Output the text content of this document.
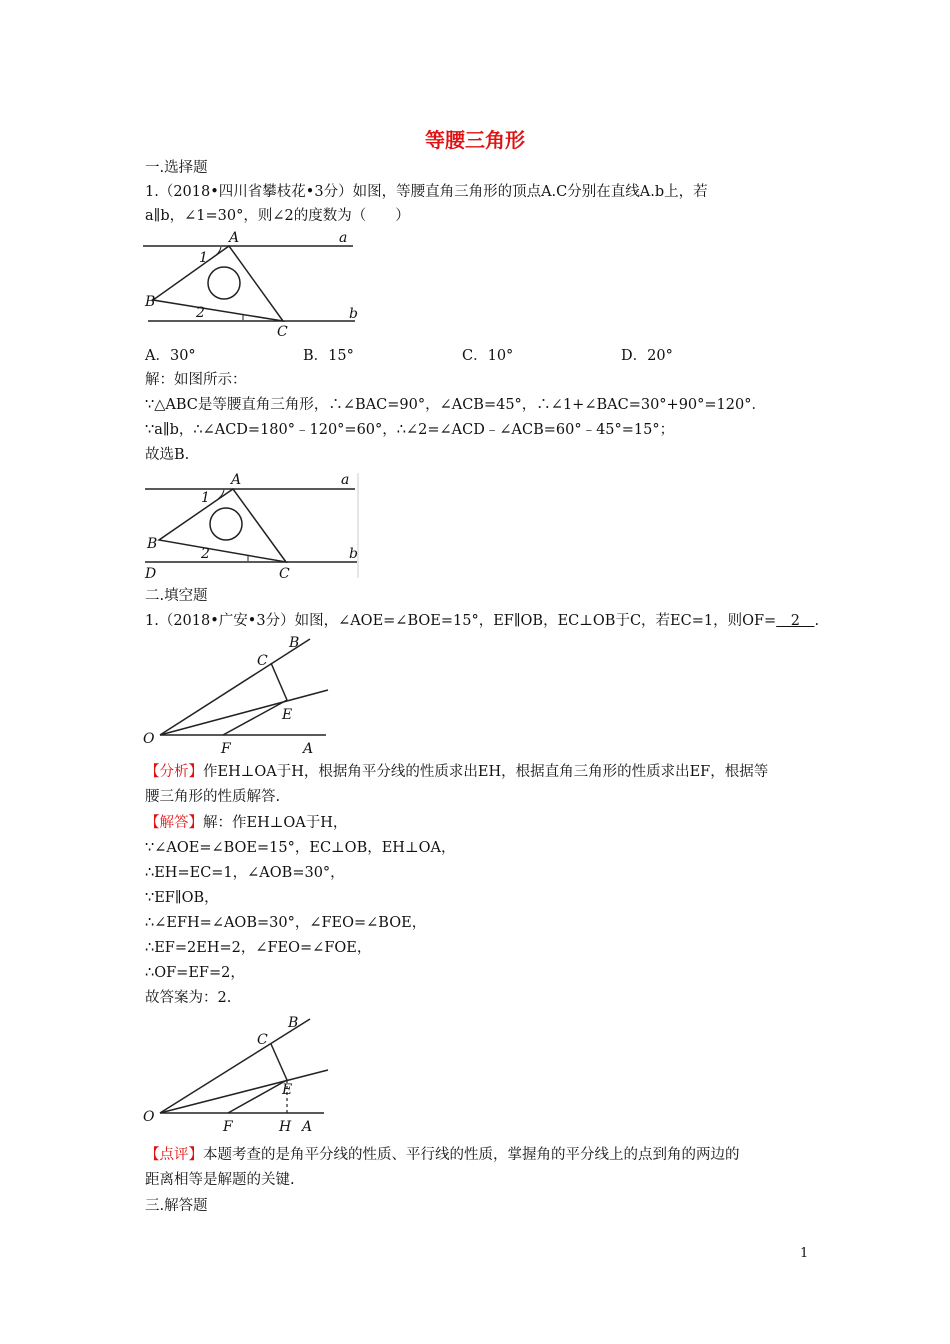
等腰三角形
一.选择题
1.（2018•四川省攀枝花•3分）如图，等腰直角三角形的顶点A.C分别在直线A.b上，若
a∥b，∠1=30°，则∠2的度数为（　　）
A	a
1
B
2
C
b
A．30°	B．15°	C．10°	D．20°
解：如图所示：
∵△ABC是等腰直角三角形，∴∠BAC=90°，∠ACB=45°，∴∠1+∠BAC=30°+90°=120°．
∵a∥b，∴∠ACD=180°﹣120°=60°，∴∠2=∠ACD﹣∠ACB=60°﹣45°=15°；
故选B.
A	a
1
B
2
D	C
b
二.填空题
1.（2018•广安•3分）如图，∠AOE=∠BOE=15°，EF∥OB，EC⊥OB于C，若EC=1，则OF=　2　.
B
C
E
O
F	A
【分析】作EH⊥OA于H，根据角平分线的性质求出EH，根据直角三角形的性质求出EF，根据等
腰三角形的性质解答.
【解答】解：作EH⊥OA于H，
∵∠AOE=∠BOE=15°，EC⊥OB，EH⊥OA，
∴EH=EC=1，∠AOB=30°，
∵EF∥OB，
∴∠EFH=∠AOB=30°，∠FEO=∠BOE，
∴EF=2EH=2，∠FEO=∠FOE，
∴OF=EF=2，
故答案为：2.
B
C
E
O
F	H A
【点评】本题考查的是角平分线的性质、平行线的性质，掌握角的平分线上的点到角的两边的
距离相等是解题的关键.
三.解答题
1
